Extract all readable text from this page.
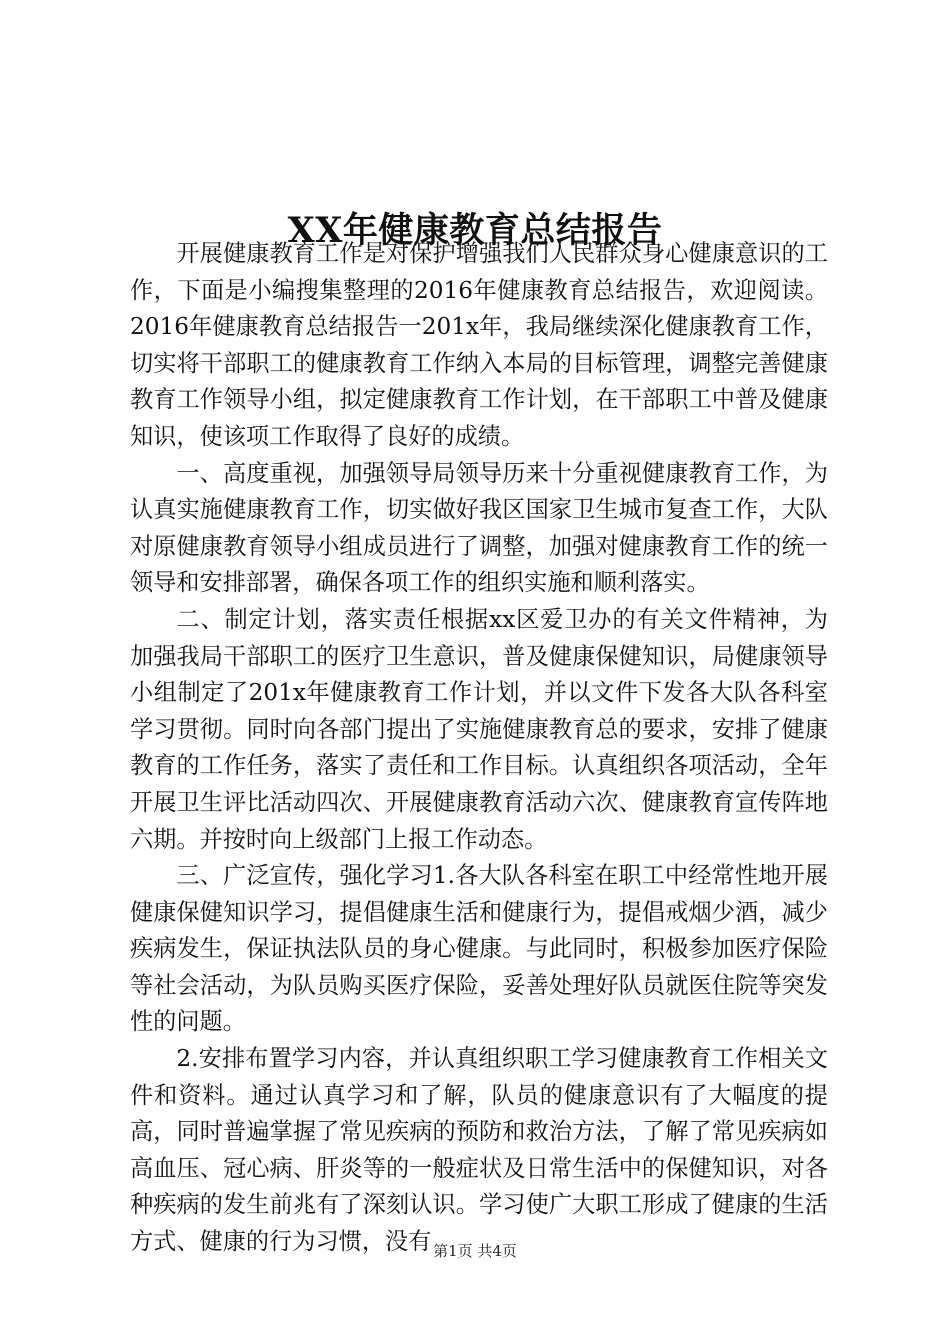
XX年健康教育总结报告

开展健康教育工作是对保护增强我们人民群众身心健康意识的工作，下面是小编搜集整理的2016年健康教育总结报告，欢迎阅读。2016年健康教育总结报告一201x年，我局继续深化健康教育工作，切实将干部职工的健康教育工作纳入本局的目标管理，调整完善健康教育工作领导小组，拟定健康教育工作计划，在干部职工中普及健康知识，使该项工作取得了良好的成绩。

一、高度重视，加强领导局领导历来十分重视健康教育工作，为认真实施健康教育工作，切实做好我区国家卫生城市复查工作，大队对原健康教育领导小组成员进行了调整，加强对健康教育工作的统一领导和安排部署，确保各项工作的组织实施和顺利落实。

二、制定计划，落实责任根据xx区爱卫办的有关文件精神，为加强我局干部职工的医疗卫生意识，普及健康保健知识，局健康领导小组制定了201x年健康教育工作计划，并以文件下发各大队各科室学习贯彻。同时向各部门提出了实施健康教育总的要求，安排了健康教育的工作任务，落实了责任和工作目标。认真组织各项活动，全年开展卫生评比活动四次、开展健康教育活动六次、健康教育宣传阵地六期。并按时向上级部门上报工作动态。

三、广泛宣传，强化学习1.各大队各科室在职工中经常性地开展健康保健知识学习，提倡健康生活和健康行为，提倡戒烟少酒，减少疾病发生，保证执法队员的身心健康。与此同时，积极参加医疗保险等社会活动，为队员购买医疗保险，妥善处理好队员就医住院等突发性的问题。

2.安排布置学习内容，并认真组织职工学习健康教育工作相关文件和资料。通过认真学习和了解，队员的健康意识有了大幅度的提高，同时普遍掌握了常见疾病的预防和救治方法，了解了常见疾病如高血压、冠心病、肝炎等的一般症状及日常生活中的保健知识，对各种疾病的发生前兆有了深刻认识。学习使广大职工形成了健康的生活方式、健康的行为习惯，没有 第1页 共4页
